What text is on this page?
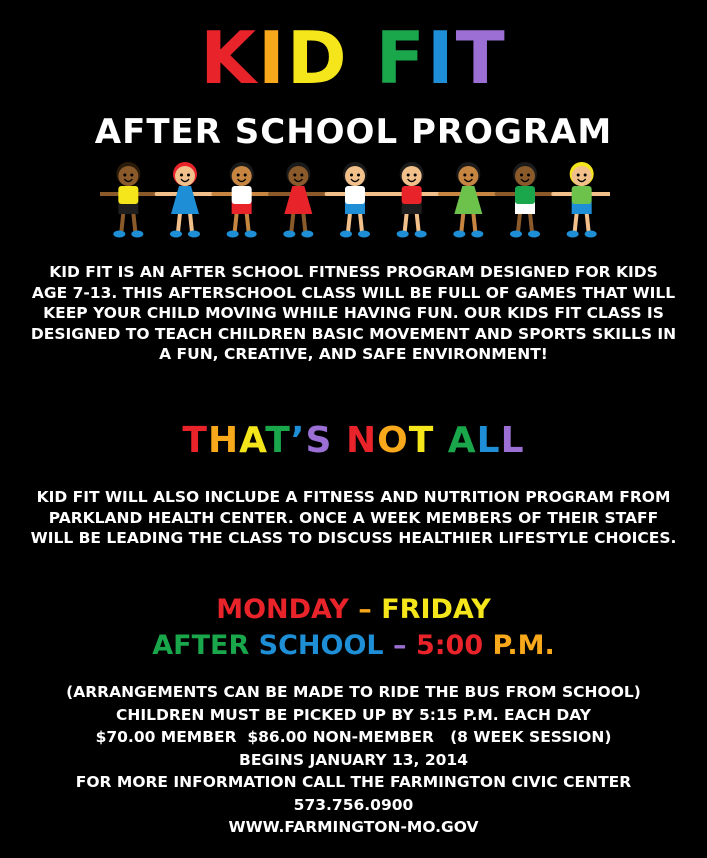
KID FIT
AFTER SCHOOL PROGRAM
KID FIT IS AN AFTER SCHOOL FITNESS PROGRAM DESIGNED FOR KIDS AGE 7-13. THIS AFTERSCHOOL CLASS WILL BE FULL OF GAMES THAT WILL KEEP YOUR CHILD MOVING WHILE HAVING FUN. OUR KIDS FIT CLASS IS DESIGNED TO TEACH CHILDREN BASIC MOVEMENT AND SPORTS SKILLS IN A FUN, CREATIVE, AND SAFE ENVIRONMENT!
THAT’S NOT ALL
KID FIT WILL ALSO INCLUDE A FITNESS AND NUTRITION PROGRAM FROM PARKLAND HEALTH CENTER. ONCE A WEEK MEMBERS OF THEIR STAFF WILL BE LEADING THE CLASS TO DISCUSS HEALTHIER LIFESTYLE CHOICES.
MONDAY – FRIDAY
AFTER SCHOOL – 5:00 P.M.
(ARRANGEMENTS CAN BE MADE TO RIDE THE BUS FROM SCHOOL)
CHILDREN MUST BE PICKED UP BY 5:15 P.M. EACH DAY
$70.00 MEMBER  $86.00 NON-MEMBER   (8 WEEK SESSION)
BEGINS JANUARY 13, 2014
FOR MORE INFORMATION CALL THE FARMINGTON CIVIC CENTER
573.756.0900
WWW.FARMINGTON-MO.GOV
